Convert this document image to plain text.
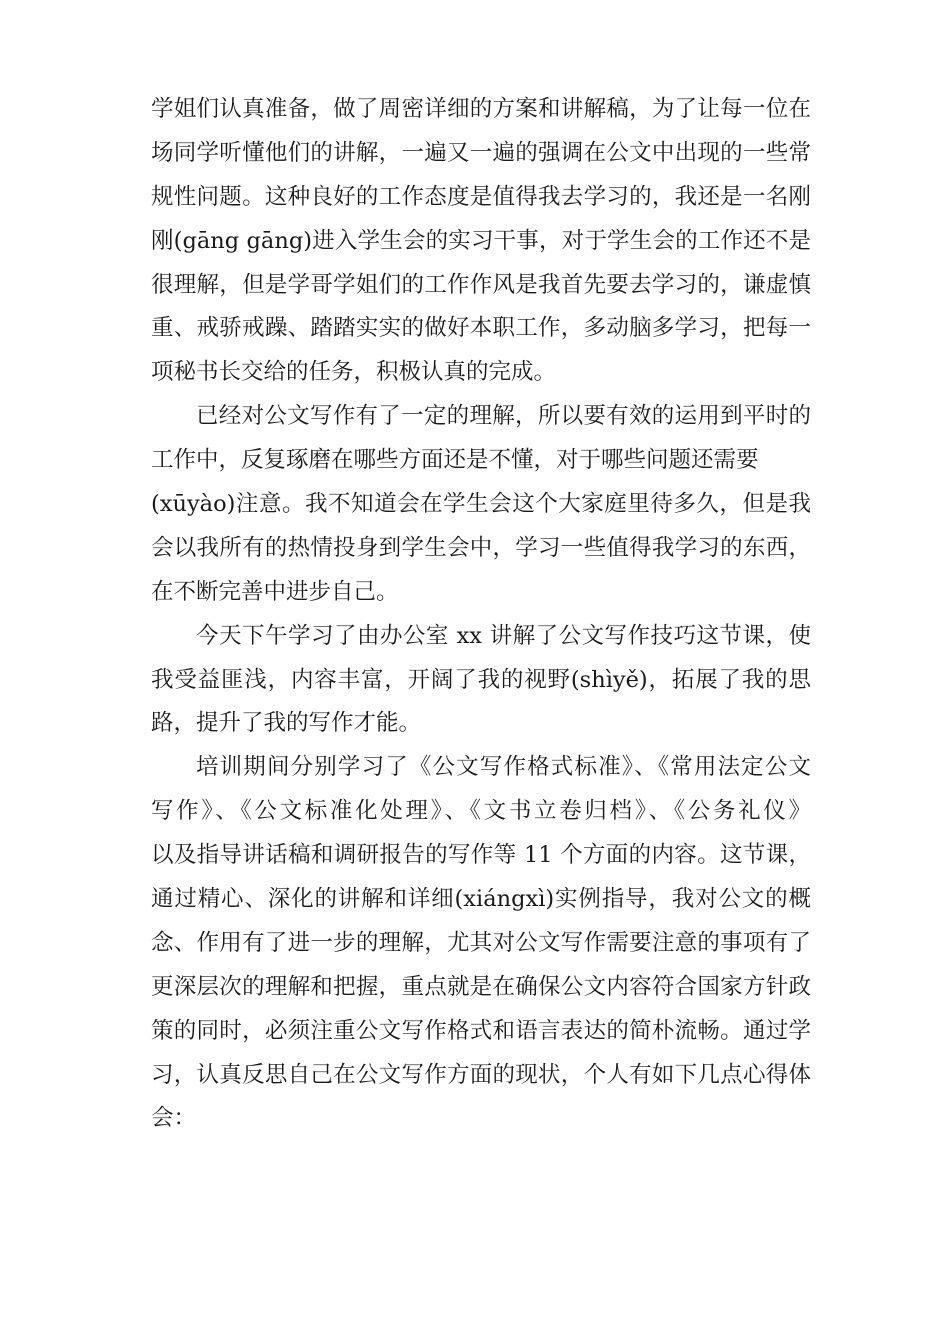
学姐们认真准备，做了周密详细的方案和讲解稿，为了让每一位在
场同学听懂他们的讲解，一遍又一遍的强调在公文中出现的一些常
规性问题。这种良好的工作态度是值得我去学习的，我还是一名刚
刚(gāng gāng)进入学生会的实习干事，对于学生会的工作还不是
很理解，但是学哥学姐们的工作作风是我首先要去学习的，谦虚慎
重、戒骄戒躁、踏踏实实的做好本职工作，多动脑多学习，把每一
项秘书长交给的任务，积极认真的完成。
已经对公文写作有了一定的理解，所以要有效的运用到平时的
工作中，反复琢磨在哪些方面还是不懂，对于哪些问题还需要
(xūyào)注意。我不知道会在学生会这个大家庭里待多久，但是我
会以我所有的热情投身到学生会中，学习一些值得我学习的东西，
在不断完善中进步自己。
今天下午学习了由办公室 xx 讲解了公文写作技巧这节课，使
我受益匪浅，内容丰富，开阔了我的视野(shìyě)，拓展了我的思
路，提升了我的写作才能。
培训期间分别学习了《公文写作格式标准》、《常用法定公文
写作》、《公文标准化处理》、《文书立卷归档》、《公务礼仪》
以及指导讲话稿和调研报告的写作等 11 个方面的内容。这节课，
通过精心、深化的讲解和详细(xiángxì)实例指导，我对公文的概
念、作用有了进一步的理解，尤其对公文写作需要注意的事项有了
更深层次的理解和把握，重点就是在确保公文内容符合国家方针政
策的同时，必须注重公文写作格式和语言表达的简朴流畅。通过学
习，认真反思自己在公文写作方面的现状，个人有如下几点心得体
会：
